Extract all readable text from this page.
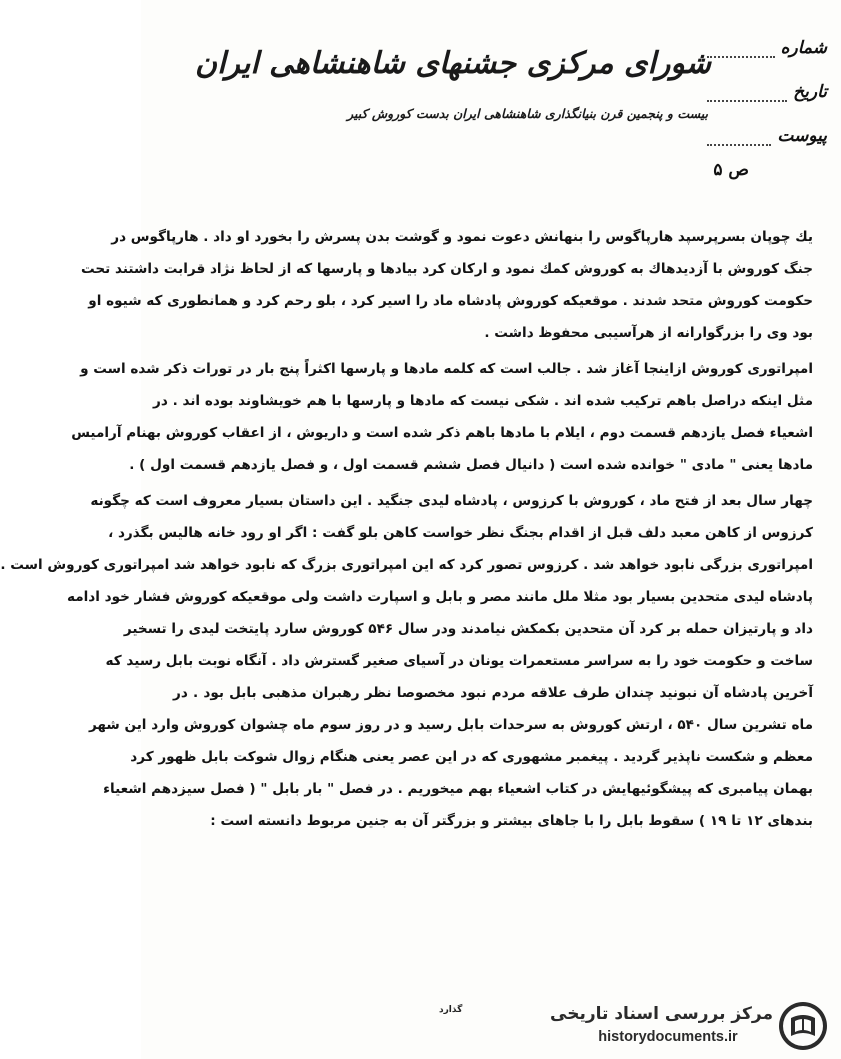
شورای مرکزی جشنهای شاهنشاهی ایران
بیست و پنجمین قرن بنیانگذاری شاهنشاهی ایران بدست کوروش کبیر
شماره
تاریخ
پیوست
ص ۵
یك چوپان بسرپرسپد هارپاگوس را بنهانش دعوت نمود و گوشت بدن پسرش را بخورد او داد . هارپاگوس در
جنگ کوروش با آزدیدهاك به کوروش کمك نمود و ارکان کرد بیادها و پارسها که از لحاظ نژاد قرابت داشتند تحت
حکومت کوروش متحد شدند . موقعیکه کوروش پادشاه ماد را اسیر کرد ، بلو رحم کرد و همانطوری که شیوه او
بود وی را بزرگوارانه از هرآسیبی محفوظ داشت .
امپراتوری کوروش ازاینجا آغاز شد . جالب است که کلمه مادها و پارسها اکثراً پنج بار در تورات ذکر شده است و
مثل اینکه دراصل باهم ترکیب شده اند . شکی نیست که مادها و پارسها با هم خویشاوند بوده اند . در
اشعیاء فصل یازدهم قسمت دوم ، ایلام با مادها باهم ذکر شده است و داریوش ، از اعقاب کوروش بهنام آرامیس
مادها یعنی " مادی " خوانده شده است ( دانیال فصل ششم قسمت اول ، و فصل یازدهم قسمت اول ) .
چهار سال بعد از فتح ماد ، کوروش با کرزوس ، پادشاه لیدی جنگید . این داستان بسیار معروف است که چگونه
کرزوس از کاهن معبد دلف قبل از اقدام بجنگ نظر خواست کاهن بلو گفت : اگر او رود خانه هالیس بگذرد ،
امپراتوری بزرگی نابود خواهد شد . کرزوس تصور کرد که این امپراتوری بزرگ که نابود خواهد شد امپراتوری کوروش است .
پادشاه لیدی متحدین بسیار بود مثلا ملل مانند مصر و بابل و اسپارت داشت ولی موقعیکه کوروش فشار خود ادامه
داد و پارتیزان حمله بر کرد آن متحدین بکمکش نیامدند ودر سال ۵۴۶ کوروش سارد پایتخت لیدی را تسخیر
ساخت و حکومت خود را به سراسر مستعمرات یونان در آسیای صغیر گسترش داد . آنگاه نوبت بابل رسید که
آخرین پادشاه آن نبونید چندان طرف علاقه مردم نبود مخصوصا نظر رهبران مذهبی بابل بود . در
ماه تشرین سال ۵۴۰ ، ارتش کوروش به سرحدات بابل رسید و در روز سوم ماه چشوان کوروش وارد این شهر
معظم و شکست ناپذیر گردید . پیغمبر مشهوری که در این عصر یعنی هنگام زوال شوکت بابل ظهور کرد
بهمان پیامبری که پیشگوئیهایش در کتاب اشعیاء بهم میخوریم . در فصل " بار بابل " ( فصل سیزدهم اشعیاء
بندهای ۱۲ تا ۱۹ ) سقوط بابل را با جاهای بیشتر و بزرگتر آن به جنین مربوط دانسته است :
گذارد	مرکز بررسی اسناد تاریخی
historydocuments.ir
